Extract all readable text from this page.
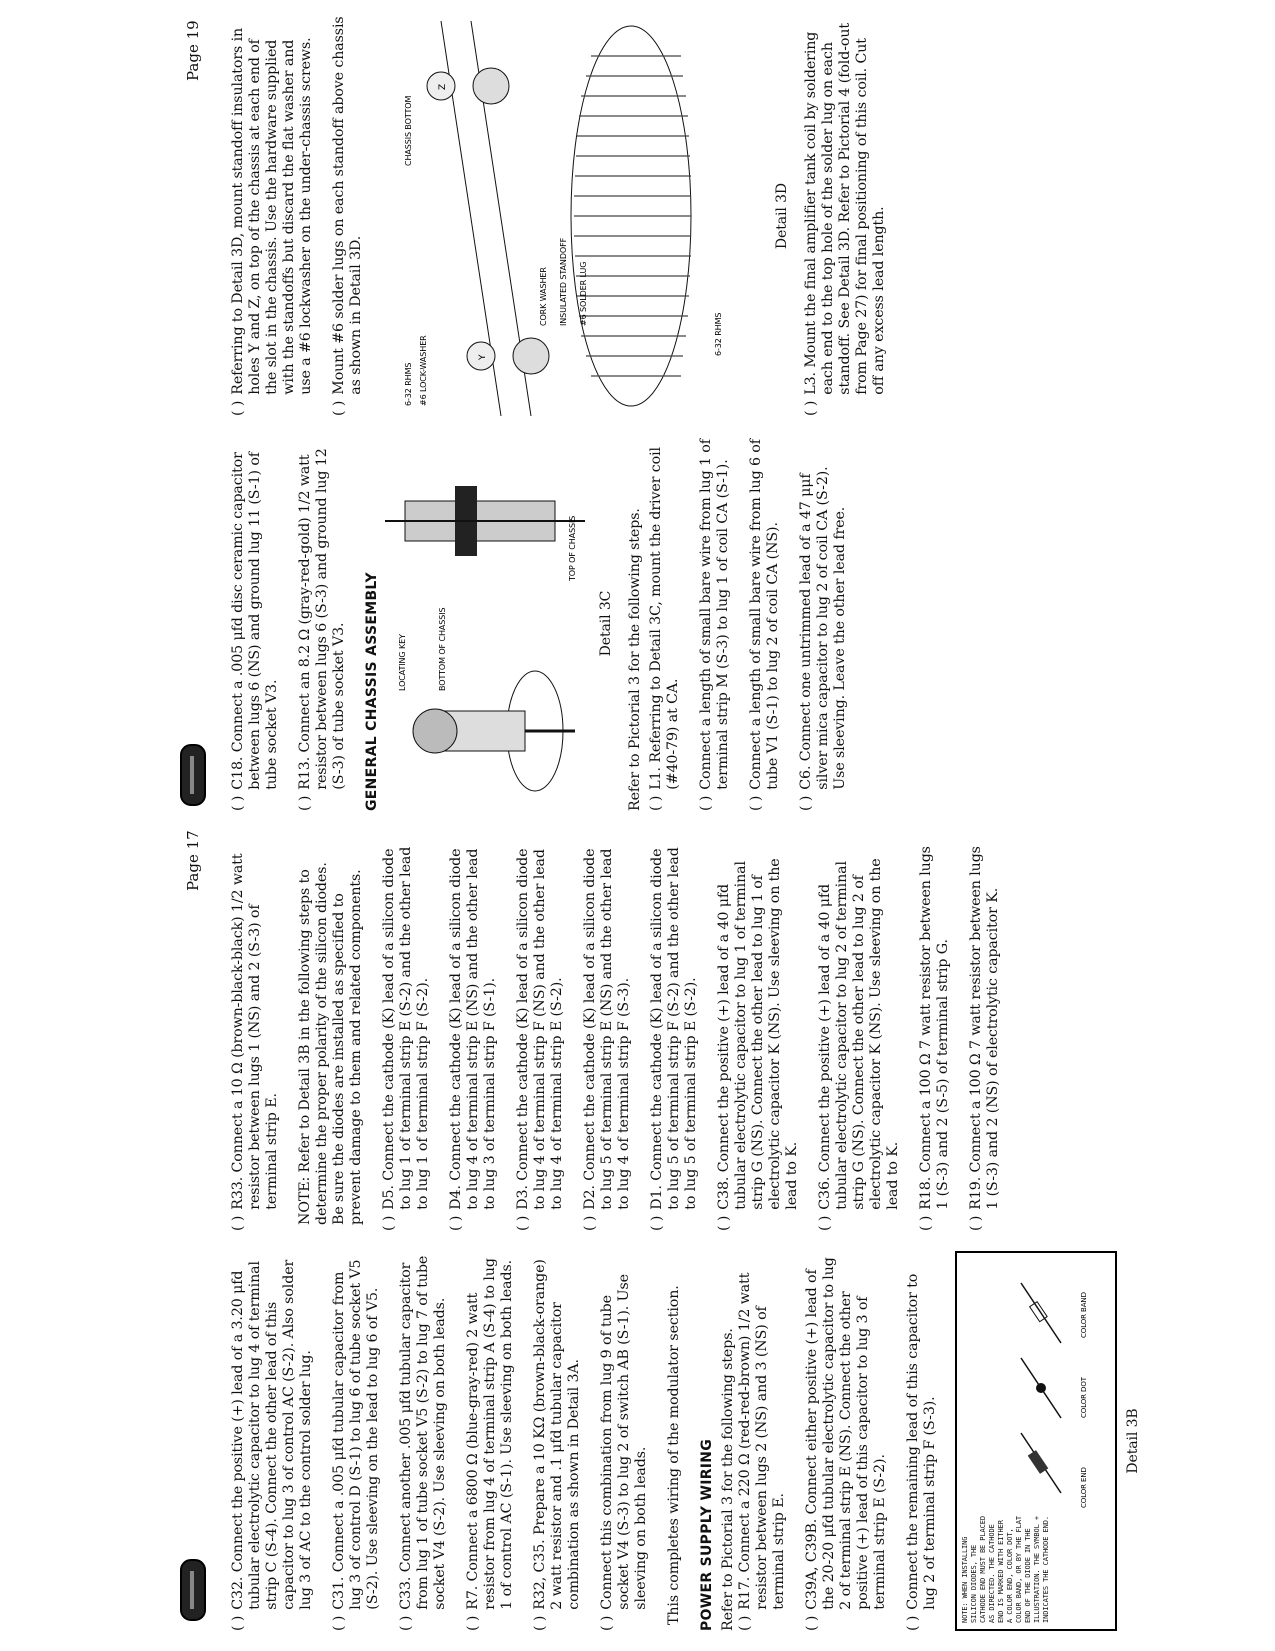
Page 17
( )
C32. Connect the positive (+) lead of a 3.20 μfd tubular electrolytic capacitor to lug 4 of terminal strip C (S-4). Connect the other lead of this capacitor to lug 3 of control AC (S-2). Also solder lug 3 of AC to the control solder lug.
( )
C31. Connect a .005 μfd tubular capacitor from lug 3 of control D (S-1) to lug 6 of tube socket V5 (S-2). Use sleeving on the lead to lug 6 of V5.
( )
C33. Connect another .005 μfd tubular capacitor from lug 1 of tube socket V5 (S-2) to lug 7 of tube socket V4 (S-2). Use sleeving on both leads.
( )
R7. Connect a 6800 Ω (blue-gray-red) 2 watt resistor from lug 4 of terminal strip A (S-4) to lug 1 of control AC (S-1). Use sleeving on both leads.
( )
R32, C35. Prepare a 10 KΩ (brown-black-orange) 2 watt resistor and .1 μfd tubular capacitor combination as shown in Detail 3A.
( )
Connect this combination from lug 9 of tube socket V4 (S-3) to lug 2 of switch AB (S-1). Use sleeving on both leads. This completes wiring of the modulator section. POWER SUPPLY WIRING Refer to Pictorial 3 for the following steps. ( )
R17. Connect a 220 Ω (red-red-brown) 1/2 watt resistor between lugs 2 (NS) and 3 (NS) of terminal strip E.
( )
C39A, C39B. Connect either positive (+) lead of the 20-20 μfd tubular electrolytic capacitor to lug 2 of terminal strip E (NS). Connect the other positive (+) lead of this capacitor to lug 3 of terminal strip E (S-2).
( )
Connect the remaining lead of this capacitor to lug 2 of terminal strip F (S-3).	NOTE: WHEN INSTALLING SILICON DIODES, THE CATHODE END MUST BE PLACED AS DIRECTED. THE CATHODE END IS MARKED WITH EITHER A COLOR END, COLOR DOT, COLOR BAND, OR BY THE FLAT END OF THE DIODE IN THE ILLUSTRATION. THE SYMBOL + INDICATES THE CATHODE END.
COLOR END
COLOR DOT
COLOR BAND
Detail 3B
( )
R33. Connect a 10 Ω (brown-black-black) 1/2 watt resistor between lugs 1 (NS) and 2 (S-3) of terminal strip E. NOTE: Refer to Detail 3B in the following steps to determine the proper polarity of the silicon diodes. Be sure the diodes are installed as specified to prevent damage to them and related components. ( )
D5. Connect the cathode (K) lead of a silicon diode to lug 1 of terminal strip E (S-2) and the other lead to lug 1 of terminal strip F (S-2).
( )
D4. Connect the cathode (K) lead of a silicon diode to lug 4 of terminal strip E (NS) and the other lead to lug 3 of terminal strip F (S-1).
( )
D3. Connect the cathode (K) lead of a silicon diode to lug 4 of terminal strip F (NS) and the other lead to lug 4 of terminal strip E (S-2).
( )
D2. Connect the cathode (K) lead of a silicon diode to lug 5 of terminal strip E (NS) and the other lead to lug 4 of terminal strip F (S-3).
( )
D1. Connect the cathode (K) lead of a silicon diode to lug 5 of terminal strip F (S-2) and the other lead to lug 5 of terminal strip E (S-2).
( )
C38. Connect the positive (+) lead of a 40 μfd tubular electrolytic capacitor to lug 1 of terminal strip G (NS). Connect the other lead to lug 1 of electrolytic capacitor K (NS). Use sleeving on the lead to K.
( )
C36. Connect the positive (+) lead of a 40 μfd tubular electrolytic capacitor to lug 2 of terminal strip G (NS). Connect the other lead to lug 2 of electrolytic capacitor K (NS). Use sleeving on the lead to K.
( )
R18. Connect a 100 Ω 7 watt resistor between lugs 1 (S-3) and 2 (S-5) of terminal strip G.
( )
R19. Connect a 100 Ω 7 watt resistor between lugs 1 (S-3) and 2 (NS) of electrolytic capacitor K.
Page 19
( )
C18. Connect a .005 μfd disc ceramic capacitor between lugs 6 (NS) and ground lug 11 (S-1) of tube socket V3.
( )
R13. Connect an 8.2 Ω (gray-red-gold) 1/2 watt resistor between lugs 6 (S-3) and ground lug 12 (S-3) of tube socket V3. GENERAL CHASSIS ASSEMBLY LOCATING KEY	BOTTOM OF CHASSIS
TOP OF CHASSIS
Detail 3C Refer to Pictorial 3 for the following steps. ( )
L1. Referring to Detail 3C, mount the driver coil (#40-79) at CA.
( )
Connect a length of small bare wire from lug 1 of terminal strip M (S-3) to lug 1 of coil CA (S-1).
( )
Connect a length of small bare wire from lug 6 of tube V1 (S-1) to lug 2 of coil CA (NS).
( )
C6. Connect one untrimmed lead of a 47 μμf silver mica capacitor to lug 2 of coil CA (S-2). Use sleeving. Leave the other lead free.
( )
Referring to Detail 3D, mount standoff insulators in holes Y and Z, on top of the chassis at each end of the slot in the chassis. Use the hardware supplied with the standoffs but discard the flat washer and use a #6 lockwasher on the under-chassis screws.
( )
Mount #6 solder lugs on each standoff above chassis as shown in Detail 3D.	6-32 RHMS #6 LOCK-WASHER
CORK WASHER INSULATED STANDOFF #6 SOLDER LUG
CHASSIS BOTTOM
6-32 RHMS
Y
Z
Detail 3D
( )
L3. Mount the final amplifier tank coil by soldering each end to the top hole of the solder lug on each standoff. See Detail 3D. Refer to Pictorial 4 (fold-out from Page 27) for final positioning of this coil. Cut off any excess lead length.
